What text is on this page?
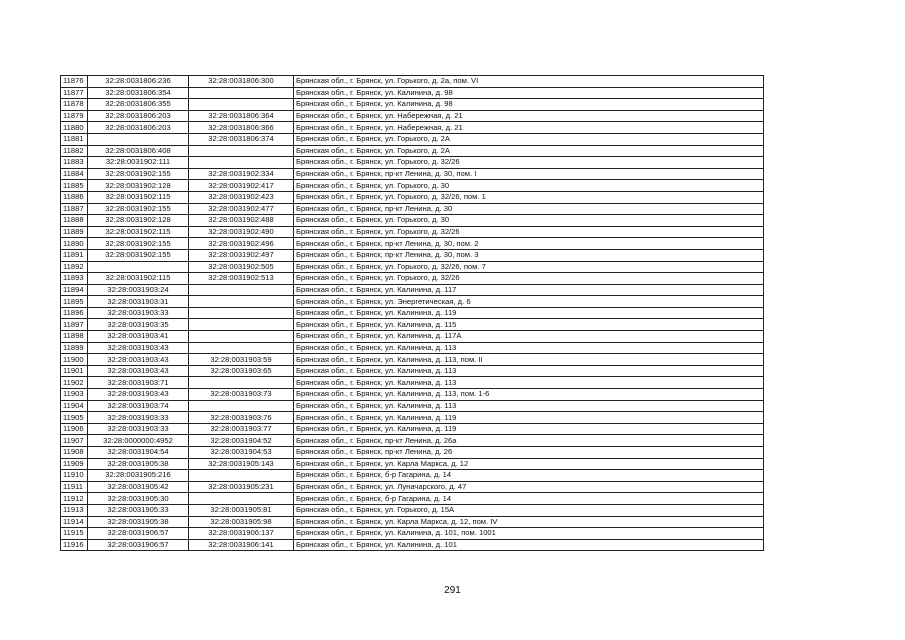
11876	32:28:0031806:236	32:28:0031806:300	Брянская обл., г. Брянск, ул. Горького, д. 2а, пом. VI
11877	32:28:0031806:354		Брянская обл., г. Брянск, ул. Калинина, д. 98
11878	32:28:0031806:355		Брянская обл., г. Брянск, ул. Калинина, д. 98
11879	32:28:0031806:203	32:28:0031806:364	Брянская обл., г. Брянск, ул. Набережная, д. 21
11880	32:28:0031806:203	32:28:0031806:366	Брянская обл., г. Брянск, ул. Набережная, д. 21
11881		32:28:0031806:374	Брянская обл., г. Брянск, ул. Горького, д. 2А
11882	32:28:0031806:408		Брянская обл., г. Брянск, ул. Горького, д. 2А
11883	32:28:0031902:111		Брянская обл., г. Брянск, ул. Горького, д. 32/26
11884	32:28:0031902:155	32:28:0031902:334	Брянская обл., г. Брянск, пр-кт Ленина, д. 30, пом. I
11885	32:28:0031902:128	32:28:0031902:417	Брянская обл., г. Брянск, ул. Горького, д. 30
11886	32:28:0031902:115	32:28:0031902:423	Брянская обл., г. Брянск, ул. Горького, д. 32/26, пом. 1
11887	32:28:0031902:155	32:28:0031902:477	Брянская обл., г. Брянск, пр-кт Ленина, д. 30
11888	32:28:0031902:128	32:28:0031902:488	Брянская обл., г. Брянск, ул. Горького, д. 30
11889	32:28:0031902:115	32:28:0031902:490	Брянская обл., г. Брянск, ул. Горького, д. 32/26
11890	32:28:0031902:155	32:28:0031902:496	Брянская обл., г. Брянск, пр-кт Ленина, д. 30, пом. 2
11891	32:28:0031902:155	32:28:0031902:497	Брянская обл., г. Брянск, пр-кт Ленина, д. 30, пом. 3
11892		32:28:0031902:505	Брянская обл., г. Брянск, ул. Горького, д. 32/26, пом. 7
11893	32:28:0031902:115	32:28:0031902:513	Брянская обл., г. Брянск, ул. Горького, д. 32/26
11894	32:28:0031903:24		Брянская обл., г. Брянск, ул. Калинина, д. 117
11895	32:28:0031903:31		Брянская обл., г. Брянск, ул. Энергетическая, д. 6
11896	32:28:0031903:33		Брянская обл., г. Брянск, ул. Калинина, д. 119
11897	32:28:0031903:35		Брянская обл., г. Брянск, ул. Калинина, д. 115
11898	32:28:0031903:41		Брянская обл., г. Брянск, ул. Калинина, д. 117А
11899	32:28:0031903:43		Брянская обл., г. Брянск, ул. Калинина, д. 113
11900	32:28:0031903:43	32:28:0031903:59	Брянская обл., г. Брянск, ул. Калинина, д. 113, пом. II
11901	32:28:0031903:43	32:28:0031903:65	Брянская обл., г. Брянск, ул. Калинина, д. 113
11902	32:28:0031903:71		Брянская обл., г. Брянск, ул. Калинина, д. 113
11903	32:28:0031903:43	32:28:0031903:73	Брянская обл., г. Брянск, ул. Калинина, д. 113, пом. 1-6
11904	32:28:0031903:74		Брянская обл., г. Брянск, ул. Калинина, д. 113
11905	32:28:0031903:33	32:28:0031903:76	Брянская обл., г. Брянск, ул. Калинина, д. 119
11906	32:28:0031903:33	32:28:0031903:77	Брянская обл., г. Брянск, ул. Калинина, д. 119
11907	32:28:0000000:4952	32:28:0031904:52	Брянская обл., г. Брянск, пр-кт Ленина, д. 26а
11908	32:28:0031904:54	32:28:0031904:53	Брянская обл., г. Брянск, пр-кт Ленина, д. 26
11909	32:28:0031905:38	32:28:0031905:143	Брянская обл., г. Брянск, ул. Карла Маркса, д. 12
11910	32:28:0031905:216		Брянская обл., г. Брянск, б-р Гагарина, д. 14
11911	32:28:0031905:42	32:28:0031905:231	Брянская обл., г. Брянск, ул. Луначарского, д. 47
11912	32:28:0031905:30		Брянская обл., г. Брянск, б-р Гагарина, д. 14
11913	32:28:0031905:33	32:28:0031905:81	Брянская обл., г. Брянск, ул. Горького, д. 15А
11914	32:28:0031905:38	32:28:0031905:98	Брянская обл., г. Брянск, ул. Карла Маркса, д. 12, пом. IV
11915	32:28:0031906:57	32:28:0031906:137	Брянская обл., г. Брянск, ул. Калинина, д. 101, пом. 1001
11916	32:28:0031906:57	32:28:0031906:141	Брянская обл., г. Брянск, ул. Калинина, д. 101
291
